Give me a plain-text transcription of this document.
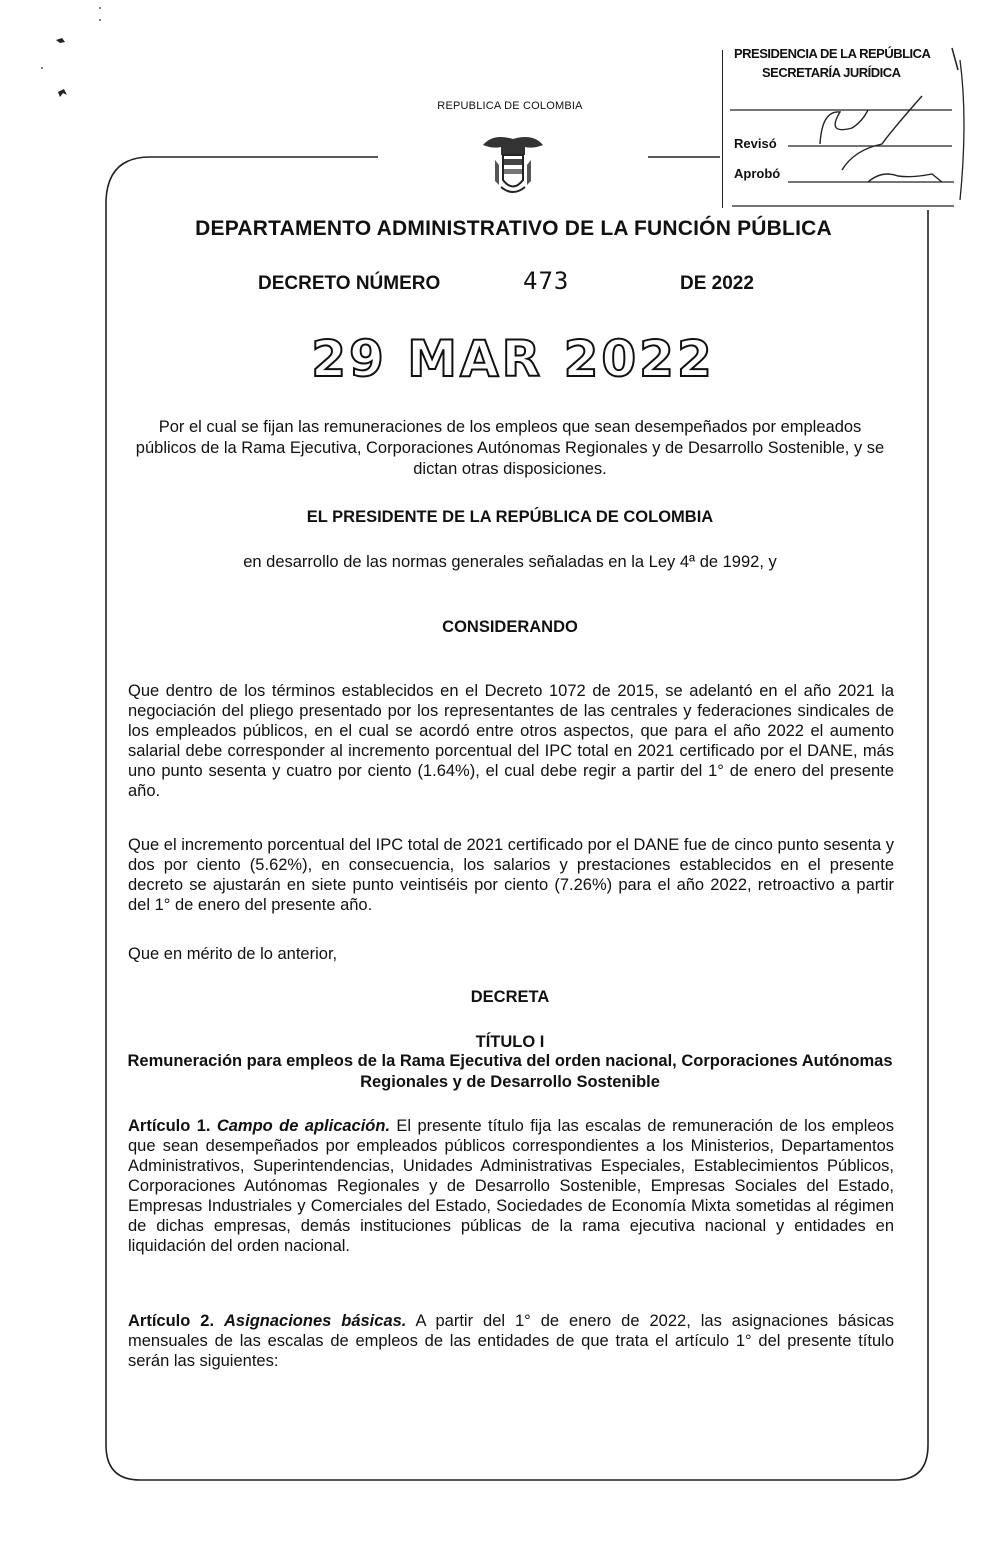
REPUBLICA DE COLOMBIA
PRESIDENCIA DE LA REPÚBLICA
SECRETARÍA JURÍDICA
Revisó
Aprobó
DEPARTAMENTO ADMINISTRATIVO DE LA FUNCIÓN PÚBLICA
DECRETO NÚMERO	473	DE 2022
29 MAR 2022
Por el cual se fijan las remuneraciones de los empleos que sean desempeñados por empleados públicos de la Rama Ejecutiva, Corporaciones Autónomas Regionales y de Desarrollo Sostenible, y se dictan otras disposiciones.
EL PRESIDENTE DE LA REPÚBLICA DE COLOMBIA
en desarrollo de las normas generales señaladas en la Ley 4ª de 1992, y
CONSIDERANDO
Que dentro de los términos establecidos en el Decreto 1072 de 2015, se adelantó en el año 2021 la negociación del pliego presentado por los representantes de las centrales y federaciones sindicales de los empleados públicos, en el cual se acordó entre otros aspectos, que para el año 2022 el aumento salarial debe corresponder al incremento porcentual del IPC total en 2021 certificado por el DANE, más uno punto sesenta y cuatro por ciento (1.64%), el cual debe regir a partir del 1° de enero del presente año.
Que el incremento porcentual del IPC total de 2021 certificado por el DANE fue de cinco punto sesenta y dos por ciento (5.62%), en consecuencia, los salarios y prestaciones establecidos en el presente decreto se ajustarán en siete punto veintiséis por ciento (7.26%) para el año 2022, retroactivo a partir del 1° de enero del presente año.
Que en mérito de lo anterior,
DECRETA
TÍTULO I
Remuneración para empleos de la Rama Ejecutiva del orden nacional, Corporaciones Autónomas Regionales y de Desarrollo Sostenible
Artículo 1. Campo de aplicación. El presente título fija las escalas de remuneración de los empleos que sean desempeñados por empleados públicos correspondientes a los Ministerios, Departamentos Administrativos, Superintendencias, Unidades Administrativas Especiales, Establecimientos Públicos, Corporaciones Autónomas Regionales y de Desarrollo Sostenible, Empresas Sociales del Estado, Empresas Industriales y Comerciales del Estado, Sociedades de Economía Mixta sometidas al régimen de dichas empresas, demás instituciones públicas de la rama ejecutiva nacional y entidades en liquidación del orden nacional.
Artículo 2. Asignaciones básicas. A partir del 1° de enero de 2022, las asignaciones básicas mensuales de las escalas de empleos de las entidades de que trata el artículo 1° del presente título serán las siguientes:
